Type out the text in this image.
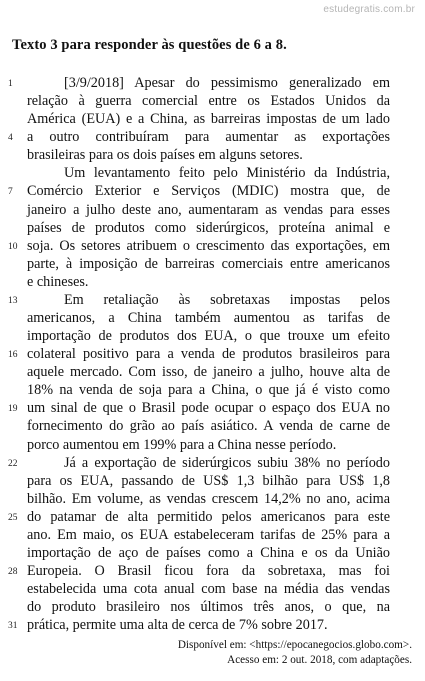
estudegratis.com.br
Texto 3 para responder às questões de 6 a 8.
1	[3/9/2018] Apesar do pessimismo generalizado em
relação à guerra comercial entre os Estados Unidos da
América (EUA) e a China, as barreiras impostas de um lado
4	a outro contribuíram para aumentar as exportações
brasileiras para os dois países em alguns setores.
Um levantamento feito pelo Ministério da Indústria,
7	Comércio Exterior e Serviços (MDIC) mostra que, de
janeiro a julho deste ano, aumentaram as vendas para esses
países de produtos como siderúrgicos, proteína animal e
10 soja. Os setores atribuem o crescimento das exportações, em
parte, à imposição de barreiras comerciais entre americanos
e chineses.
13	Em retaliação às sobretaxas impostas pelos
americanos, a China também aumentou as tarifas de
importação de produtos dos EUA, o que trouxe um efeito
16 colateral positivo para a venda de produtos brasileiros para
aquele mercado. Com isso, de janeiro a julho, houve alta de
18% na venda de soja para a China, o que já é visto como
19 um sinal de que o Brasil pode ocupar o espaço dos EUA no
fornecimento do grão ao país asiático. A venda de carne de
porco aumentou em 199% para a China nesse período.
22	Já a exportação de siderúrgicos subiu 38% no período
para os EUA, passando de US$ 1,3 bilhão para US$ 1,8
bilhão. Em volume, as vendas crescem 14,2% no ano, acima
25 do patamar de alta permitido pelos americanos para este
ano. Em maio, os EUA estabeleceram tarifas de 25% para a
importação de aço de países como a China e os da União
28 Europeia. O Brasil ficou fora da sobretaxa, mas foi
estabelecida uma cota anual com base na média das vendas
do produto brasileiro nos últimos três anos, o que, na
31 prática, permite uma alta de cerca de 7% sobre 2017.
Disponível em: <https://epocanegocios.globo.com>.
Acesso em: 2 out. 2018, com adaptações.
